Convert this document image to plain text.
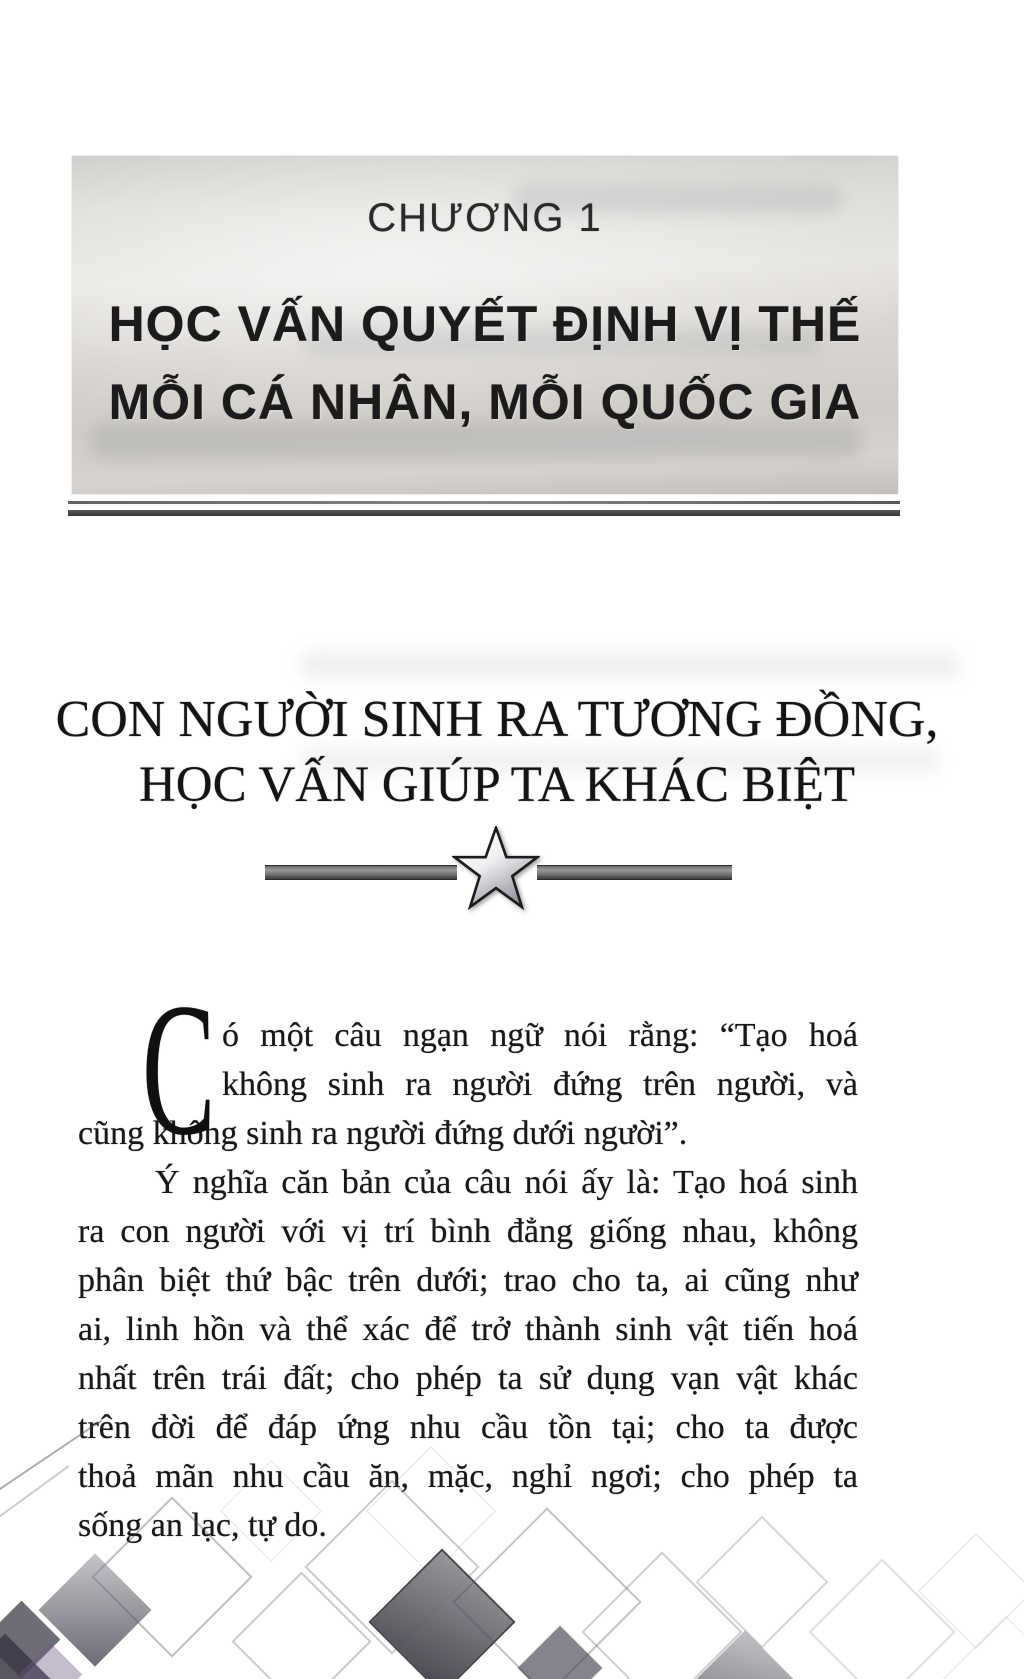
CHƯƠNG 1
HỌC VẤN QUYẾT ĐỊNH VỊ THẾ
MỖI CÁ NHÂN, MỖI QUỐC GIA
CON NGƯỜI SINH RA TƯƠNG ĐỒNG,
HỌC VẤN GIÚP TA KHÁC BIỆT
C ó một câu ngạn ngữ nói rằng: “Tạo hoá
không sinh ra người đứng trên người, và
cũng không sinh ra người đứng dưới người”.
Ý nghĩa căn bản của câu nói ấy là: Tạo hoá sinh
ra con người với vị trí bình đẳng giống nhau, không
phân biệt thứ bậc trên dưới; trao cho ta, ai cũng như
ai, linh hồn và thể xác để trở thành sinh vật tiến hoá
nhất trên trái đất; cho phép ta sử dụng vạn vật khác
trên đời để đáp ứng nhu cầu tồn tại; cho ta được
thoả mãn nhu cầu ăn, mặc, nghỉ ngơi; cho phép ta
sống an lạc, tự do.
